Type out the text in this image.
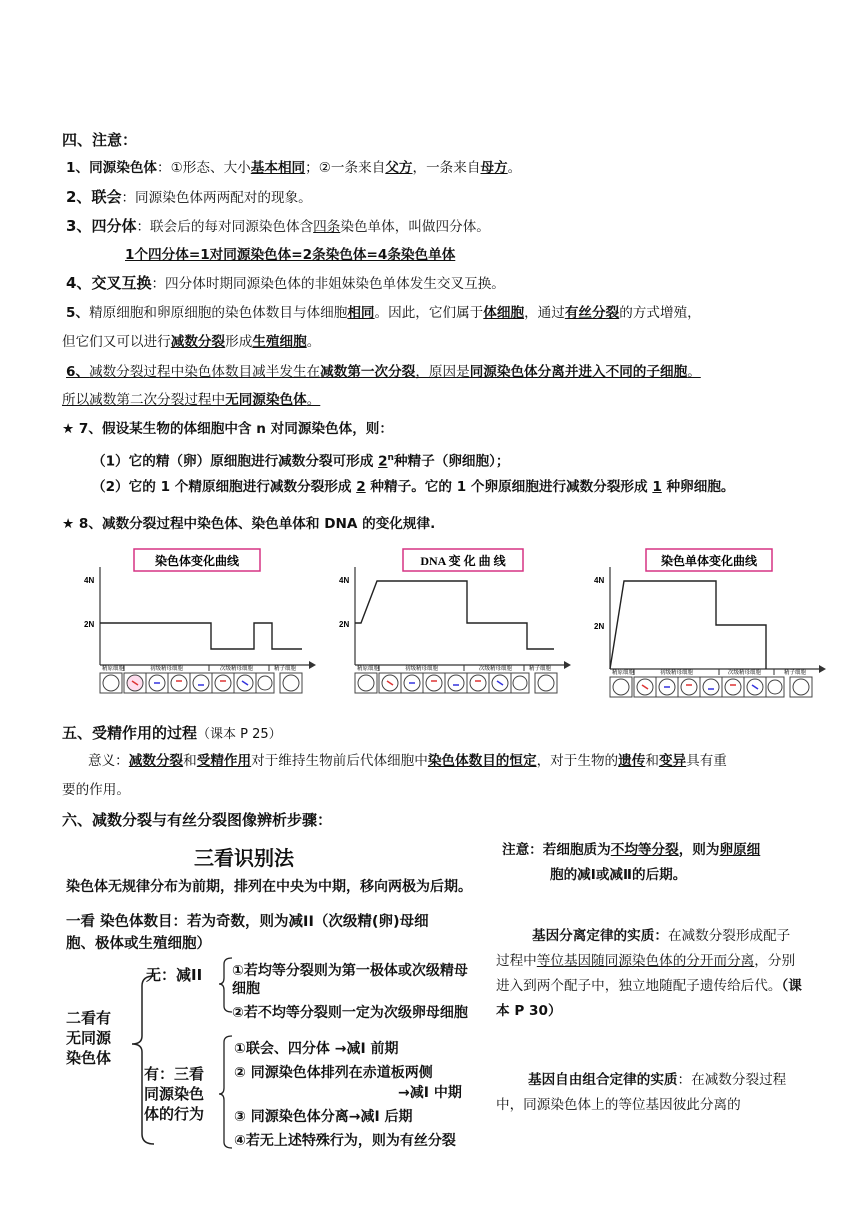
四、注意：
1、同源染色体：①形态、大小基本相同；②一条来自父方，一条来自母方。
2、联会：同源染色体两两配对的现象。
3、四分体：联会后的每对同源染色体含四条染色单体，叫做四分体。
1个四分体=1对同源染色体=2条染色体=4条染色单体
4、交叉互换：四分体时期同源染色体的非姐妹染色单体发生交叉互换。
5、精原细胞和卵原细胞的染色体数目与体细胞相同。因此，它们属于体细胞，通过有丝分裂的方式增殖，
但它们又可以进行减数分裂形成生殖细胞。
6、减数分裂过程中染色体数目减半发生在减数第一次分裂，原因是同源染色体分离并进入不同的子细胞。
所以减数第二次分裂过程中无同源染色体。
★ 7、假设某生物的体细胞中含 n 对同源染色体，则：
（1）它的精（卵）原细胞进行减数分裂可形成 2$^n$种精子（卵细胞）；
（2）它的 1 个精原细胞进行减数分裂形成 2 种精子。它的 1 个卵原细胞进行减数分裂形成 1 种卵细胞。
★ 8、减数分裂过程中染色体、染色单体和 DNA 的变化规律.
染色体变化曲线
4N
2N
精原细胞	初级精母细胞	次级精母细胞	精子细胞
DNA 变 化 曲 线
4N
2N
精原细胞	初级精母细胞	次级精母细胞	精子细胞
染色单体变化曲线
4N
2N
精原细胞	初级精母细胞	次级精母细胞	精子细胞
五、受精作用的过程（课本 P 25）
意义：减数分裂和受精作用对于维持生物前后代体细胞中染色体数目的恒定，对于生物的遗传和变异具有重
要的作用。
六、减数分裂与有丝分裂图像辨析步骤：
三看识别法
染色体无规律分布为前期，排列在中央为中期，移向两极为后期。
一看 染色体数目：若为奇数，则为减II（次级精(卵)母细
胞、极体或生殖细胞）
二看有
无同源
染色体
无：减II ①若均等分裂则为第一极体或次级精母
细胞
②若不均等分裂则一定为次级卵母细胞
有：三看
同源染色
体的行为
①联会、四分体 →减I 前期
② 同源染色体排列在赤道板两侧
→减I 中期
③ 同源染色体分离→减I 后期
④若无上述特殊行为，则为有丝分裂
注意：若细胞质为不均等分裂，则为卵原细
胞的减Ⅰ或减Ⅱ的后期。
基因分离定律的实质：在减数分裂形成配子过程中等位基因随同源染色体的分开而分离，分别进入到两个配子中，独立地随配子遗传给后代。（课本 P 30）
基因自由组合定律的实质：在减数分裂过程中，同源染色体上的等位基因彼此分离的
